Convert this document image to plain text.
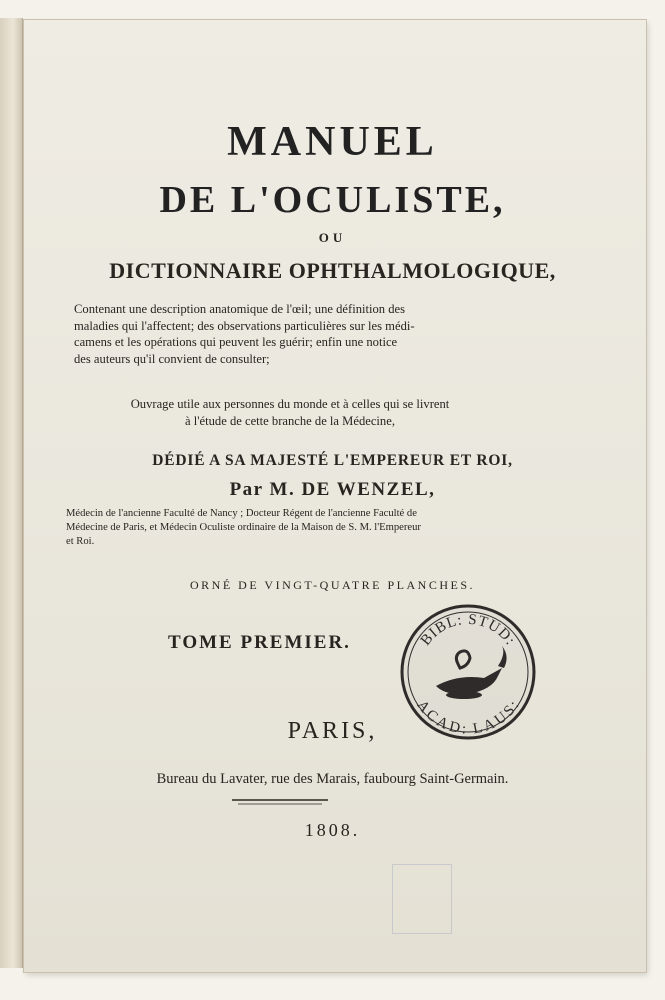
MANUEL
DE L'OCULISTE,
OU
DICTIONNAIRE OPHTHALMOLOGIQUE,
Contenant une description anatomique de l'œil; une définition des
maladies qui l'affectent; des observations particulières sur les médi-
camens et les opérations qui peuvent les guérir; enfin une notice
des auteurs qu'il convient de consulter;
Ouvrage utile aux personnes du monde et à celles qui se livrent
à l'étude de cette branche de la Médecine,
DÉDIÉ A SA MAJESTÉ L'EMPEREUR ET ROI,
Par M. DE WENZEL,
Médecin de l'ancienne Faculté de Nancy ; Docteur Régent de l'ancienne Faculté de
Médecine de Paris, et Médecin Oculiste ordinaire de la Maison de S. M. l'Empereur
et Roi.
ORNÉ DE VINGT-QUATRE PLANCHES.
TOME PREMIER.	BIBL: STUD:
ACAD: LAUS:
PARIS,
Bureau du Lavater, rue des Marais, faubourg Saint-Germain.
1808.
